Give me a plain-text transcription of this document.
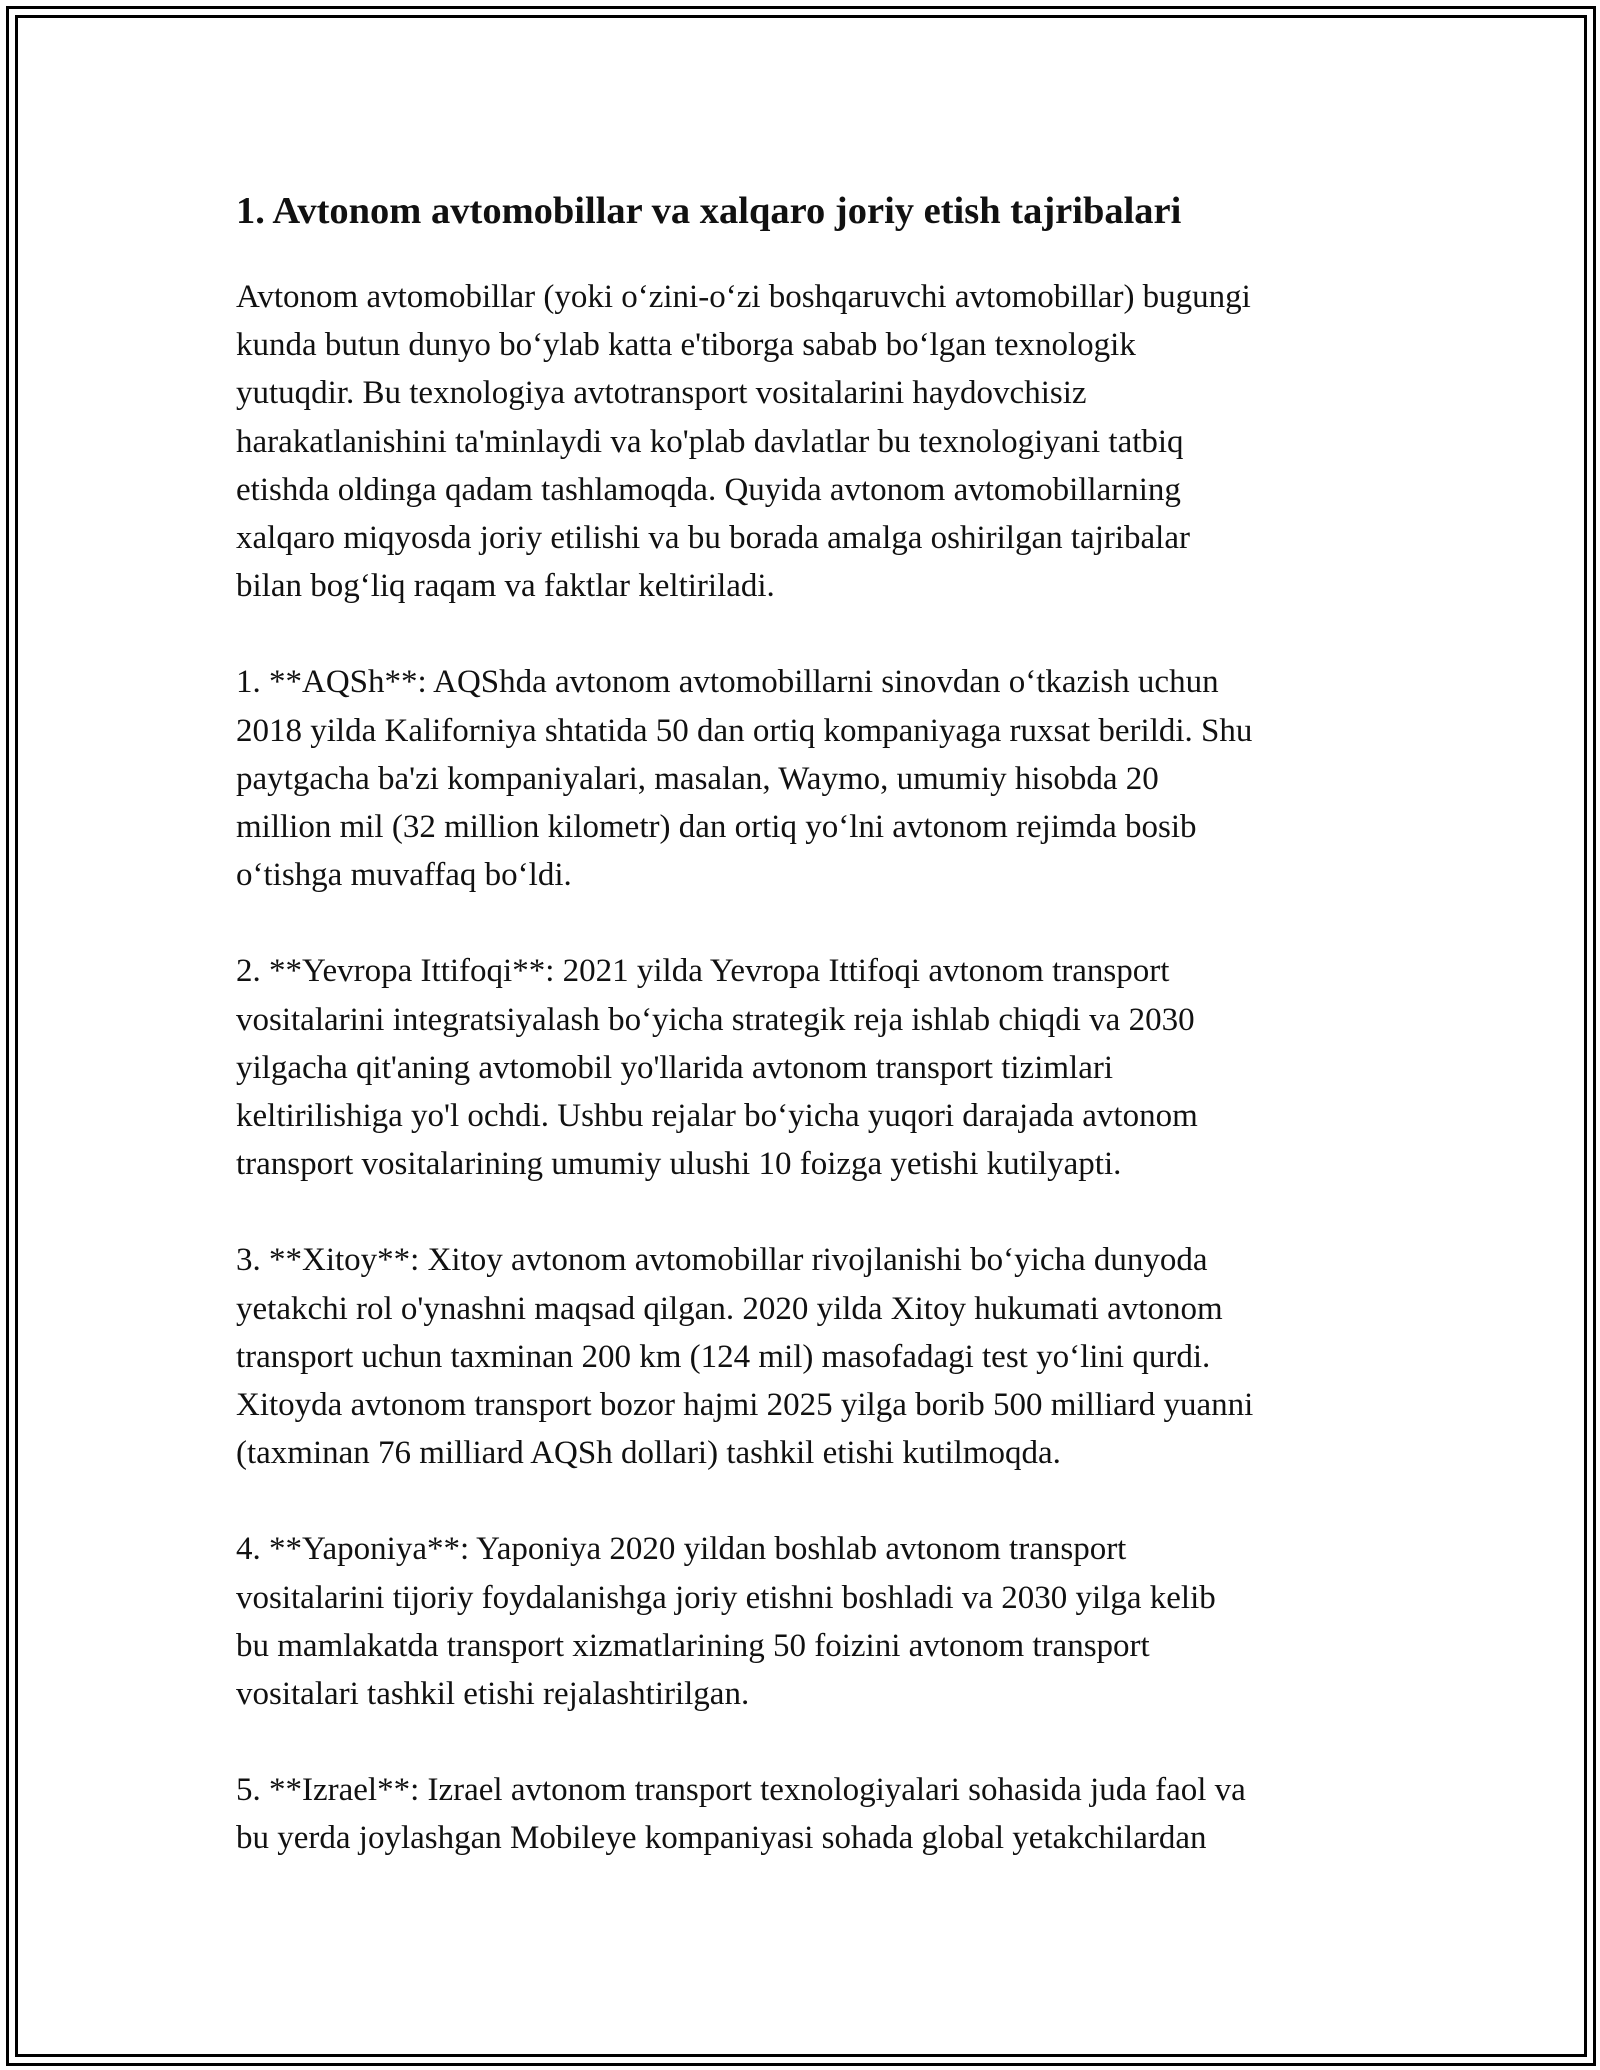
1. Avtonom avtomobillar va xalqaro joriy etish tajribalari

Avtonom avtomobillar (yoki o‘zini-o‘zi boshqaruvchi avtomobillar) bugungi
kunda butun dunyo bo‘ylab katta e'tiborga sabab bo‘lgan texnologik
yutuqdir. Bu texnologiya avtotransport vositalarini haydovchisiz
harakatlanishini ta'minlaydi va ko'plab davlatlar bu texnologiyani tatbiq
etishda oldinga qadam tashlamoqda. Quyida avtonom avtomobillarning
xalqaro miqyosda joriy etilishi va bu borada amalga oshirilgan tajribalar
bilan bog‘liq raqam va faktlar keltiriladi.

1. **AQSh**: AQShda avtonom avtomobillarni sinovdan o‘tkazish uchun
2018 yilda Kaliforniya shtatida 50 dan ortiq kompaniyaga ruxsat berildi. Shu
paytgacha ba'zi kompaniyalari, masalan, Waymo, umumiy hisobda 20
million mil (32 million kilometr) dan ortiq yo‘lni avtonom rejimda bosib
o‘tishga muvaffaq bo‘ldi.

2. **Yevropa Ittifoqi**: 2021 yilda Yevropa Ittifoqi avtonom transport
vositalarini integratsiyalash bo‘yicha strategik reja ishlab chiqdi va 2030
yilgacha qit'aning avtomobil yo'llarida avtonom transport tizimlari
keltirilishiga yo'l ochdi. Ushbu rejalar bo‘yicha yuqori darajada avtonom
transport vositalarining umumiy ulushi 10 foizga yetishi kutilyapti.

3. **Xitoy**: Xitoy avtonom avtomobillar rivojlanishi bo‘yicha dunyoda
yetakchi rol o'ynashni maqsad qilgan. 2020 yilda Xitoy hukumati avtonom
transport uchun taxminan 200 km (124 mil) masofadagi test yo‘lini qurdi.
Xitoyda avtonom transport bozor hajmi 2025 yilga borib 500 milliard yuanni
(taxminan 76 milliard AQSh dollari) tashkil etishi kutilmoqda.

4. **Yaponiya**: Yaponiya 2020 yildan boshlab avtonom transport
vositalarini tijoriy foydalanishga joriy etishni boshladi va 2030 yilga kelib
bu mamlakatda transport xizmatlarining 50 foizini avtonom transport
vositalari tashkil etishi rejalashtirilgan.

5. **Izrael**: Izrael avtonom transport texnologiyalari sohasida juda faol va
bu yerda joylashgan Mobileye kompaniyasi sohada global yetakchilardan
